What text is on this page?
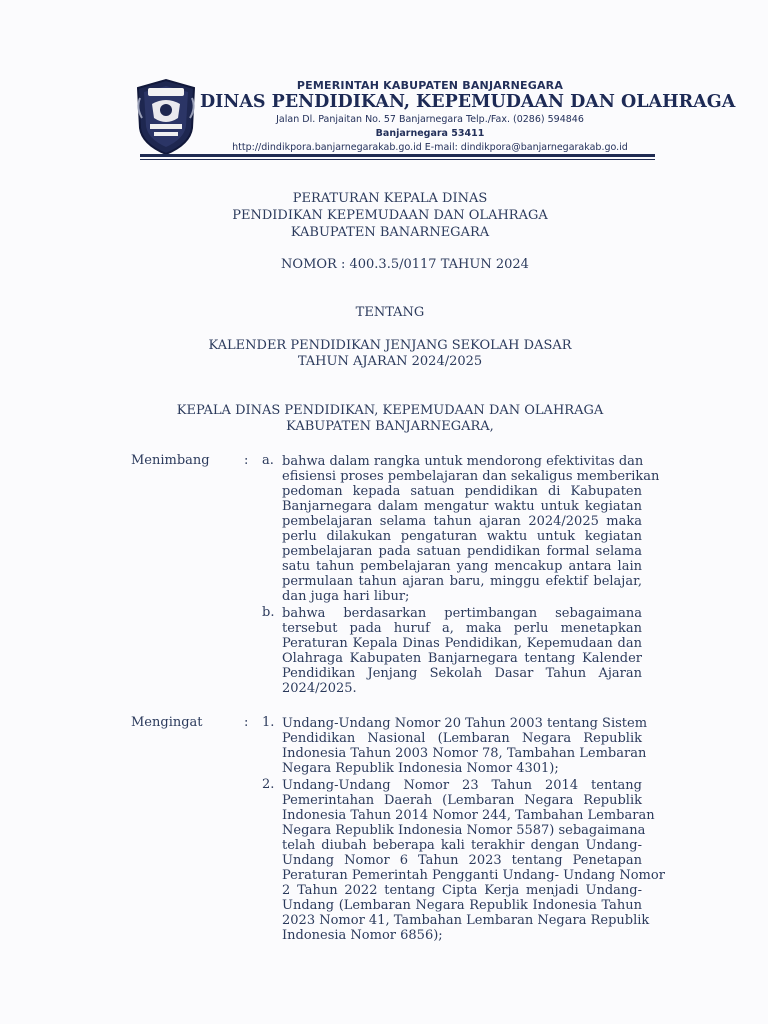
PEMERINTAH KABUPATEN BANJARNEGARA
DINAS PENDIDIKAN, KEPEMUDAAN DAN OLAHRAGA
Jalan Dl. Panjaitan No. 57 Banjarnegara Telp./Fax. (0286) 594846
Banjarnegara 53411
http://dindikpora.banjarnegarakab.go.id E-mail: dindikpora@banjarnegarakab.go.id
PERATURAN KEPALA DINAS
PENDIDIKAN KEPEMUDAAN DAN OLAHRAGA
KABUPATEN BANARNEGARA
NOMOR : 400.3.5/0117 TAHUN 2024
TENTANG
KALENDER PENDIDIKAN JENJANG SEKOLAH DASAR
TAHUN AJARAN 2024/2025
KEPALA DINAS PENDIDIKAN, KEPEMUDAAN DAN OLAHRAGA
KABUPATEN BANJARNEGARA,
Menimbang	: a. bahwa dalam rangka untuk mendorong efektivitas dan
efisiensi proses pembelajaran dan sekaligus memberikan
pedoman kepada satuan pendidikan di Kabupaten
Banjarnegara dalam mengatur waktu untuk kegiatan
pembelajaran selama tahun ajaran 2024/2025 maka
perlu dilakukan pengaturan waktu untuk kegiatan
pembelajaran pada satuan pendidikan formal selama
satu tahun pembelajaran yang mencakup antara lain
permulaan tahun ajaran baru, minggu efektif belajar,
dan juga hari libur;
b. bahwa berdasarkan pertimbangan sebagaimana
tersebut pada huruf a, maka perlu menetapkan
Peraturan Kepala Dinas Pendidikan, Kepemudaan dan
Olahraga Kabupaten Banjarnegara tentang Kalender
Pendidikan Jenjang Sekolah Dasar Tahun Ajaran
2024/2025.
Mengingat	: 1. Undang-Undang Nomor 20 Tahun 2003 tentang Sistem
Pendidikan Nasional (Lembaran Negara Republik
Indonesia Tahun 2003 Nomor 78, Tambahan Lembaran
Negara Republik Indonesia Nomor 4301);
2. Undang-Undang Nomor 23 Tahun 2014 tentang
Pemerintahan Daerah (Lembaran Negara Republik
Indonesia Tahun 2014 Nomor 244, Tambahan Lembaran
Negara Republik Indonesia Nomor 5587) sebagaimana
telah diubah beberapa kali terakhir dengan Undang-
Undang Nomor 6 Tahun 2023 tentang Penetapan
Peraturan Pemerintah Pengganti Undang- Undang Nomor
2 Tahun 2022 tentang Cipta Kerja menjadi Undang-
Undang (Lembaran Negara Republik Indonesia Tahun
2023 Nomor 41, Tambahan Lembaran Negara Republik
Indonesia Nomor 6856);
